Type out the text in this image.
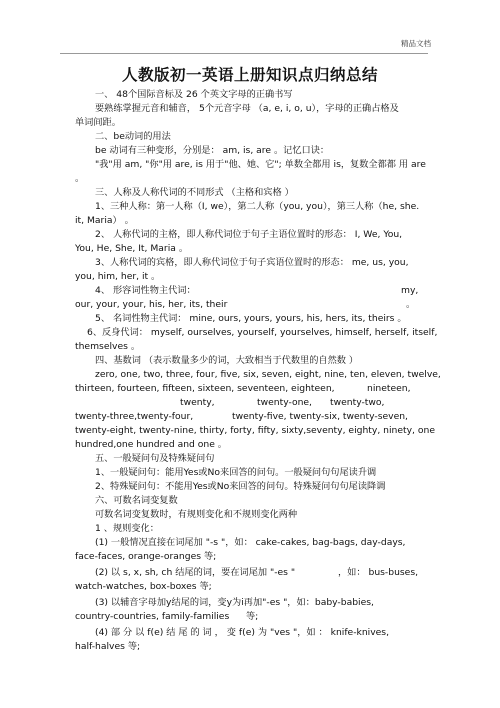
精品文档
人教版初一英语上册知识点归纳总结
一、 48个国际音标及 26 个英文字母的正确书写
要熟练掌握元音和辅音， 5个元音字母 （a, e, i, o, u），字母的正确占格及
单词间距。
二、be动词的用法
be 动词有三种变形，分别是： am, is, are 。记忆口诀：
"我"用 am, "你"用 are, is 用于"他、她、它"; 单数全都用 is，复数全都都 用 are
。
三、人称及人称代词的不同形式 （主格和宾格 ）
1、三种人称：第一人称（I, we），第二人称（you, you），第三人称（he, she.
it, Maria） 。
2、 人称代词的主格，即人称代词位于句子主语位置时的形态： I, We, You,
You, He, She, It, Maria 。
3、人称代词的宾格，即人称代词位于句子宾语位置时的形态： me, us, you,
you, him, her, it 。
4、 形容词性物主代词：	my,
our, your, your, his, her, its, their	。
5、 名词性物主代词： mine, ours, yours, yours, his, hers, its, theirs 。
6、反身代词： myself, ourselves, yourself, yourselves, himself, herself, itself,
themselves 。
四、基数词 （表示数量多少的词，大致相当于代数里的自然数 ）
zero, one, two, three, four, five, six, seven, eight, nine, ten, eleven, twelve,
thirteen, fourteen, fifteen, sixteen, seventeen, eighteen,	nineteen,
twenty,	twenty-one, twenty-two,
twenty-three,twenty-four,	twenty-five, twenty-six, twenty-seven,
twenty-eight, twenty-nine, thirty, forty, fifty, sixty,seventy, eighty, ninety, one
hundred,one hundred and one 。
五、一般疑问句及特殊疑问句
1、一般疑问句：能用Yes或No来回答的问句。一般疑问句句尾读升调
2、特殊疑问句：不能用Yes或No来回答的问句。特殊疑问句句尾读降调
六、可数名词变复数
可数名词变复数时，有规则变化和不规则变化两种
1 、规则变化：
(1) 一般情况直接在词尾加 "-s "，如： cake-cakes, bag-bags, day-days,
face-faces, orange-oranges 等;
(2) 以 s, x, sh, ch 结尾的词，要在词尾加 "-es "	，如： bus-buses,
watch-watches, box-boxes 等;
(3) 以辅音字母加y结尾的词，变y为i再加"-es "，如：baby-babies,
country-countries, family-families 等;
(4) 部 分 以 f(e) 结 尾 的 词 ， 变 f(e) 为 "ves "，如 ： knife-knives,
half-halves 等;
